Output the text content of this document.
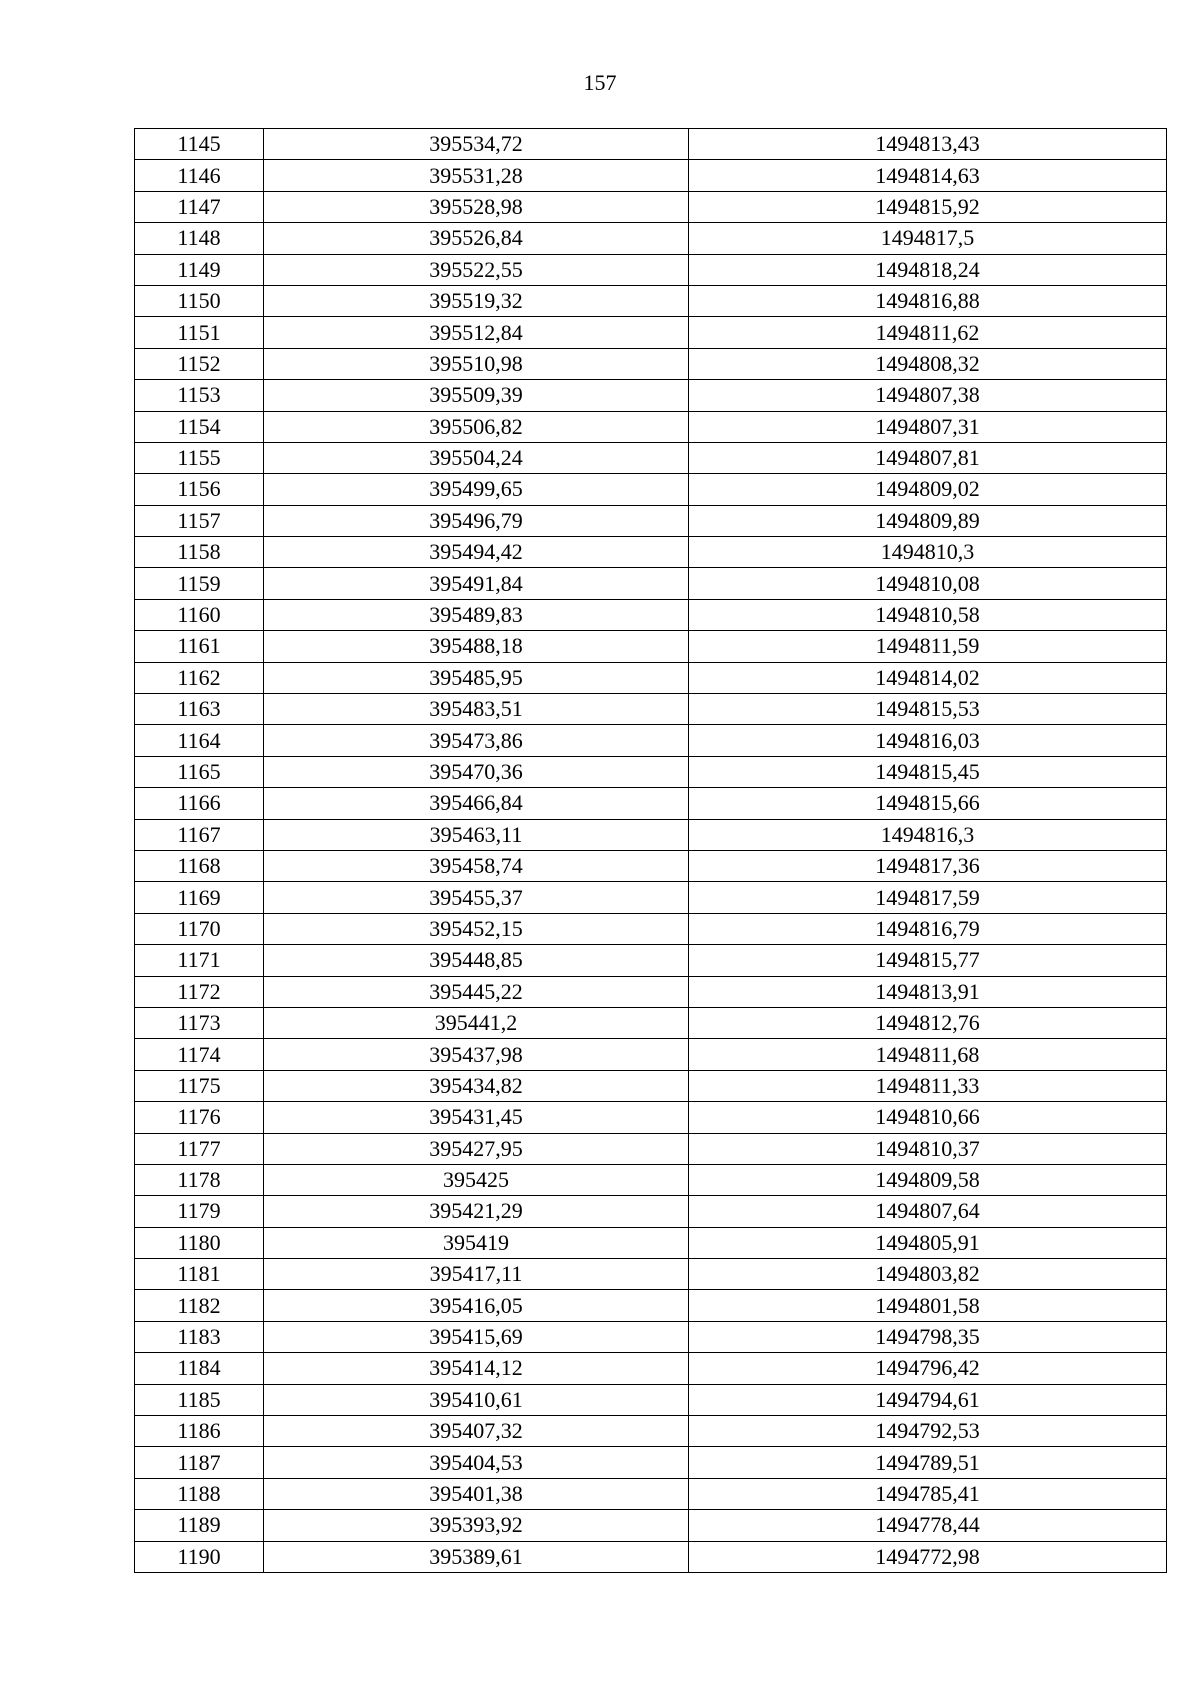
157
1145	395534,72	1494813,43
1146	395531,28	1494814,63
1147	395528,98	1494815,92
1148	395526,84	1494817,5
1149	395522,55	1494818,24
1150	395519,32	1494816,88
1151	395512,84	1494811,62
1152	395510,98	1494808,32
1153	395509,39	1494807,38
1154	395506,82	1494807,31
1155	395504,24	1494807,81
1156	395499,65	1494809,02
1157	395496,79	1494809,89
1158	395494,42	1494810,3
1159	395491,84	1494810,08
1160	395489,83	1494810,58
1161	395488,18	1494811,59
1162	395485,95	1494814,02
1163	395483,51	1494815,53
1164	395473,86	1494816,03
1165	395470,36	1494815,45
1166	395466,84	1494815,66
1167	395463,11	1494816,3
1168	395458,74	1494817,36
1169	395455,37	1494817,59
1170	395452,15	1494816,79
1171	395448,85	1494815,77
1172	395445,22	1494813,91
1173	395441,2	1494812,76
1174	395437,98	1494811,68
1175	395434,82	1494811,33
1176	395431,45	1494810,66
1177	395427,95	1494810,37
1178	395425	1494809,58
1179	395421,29	1494807,64
1180	395419	1494805,91
1181	395417,11	1494803,82
1182	395416,05	1494801,58
1183	395415,69	1494798,35
1184	395414,12	1494796,42
1185	395410,61	1494794,61
1186	395407,32	1494792,53
1187	395404,53	1494789,51
1188	395401,38	1494785,41
1189	395393,92	1494778,44
1190	395389,61	1494772,98
